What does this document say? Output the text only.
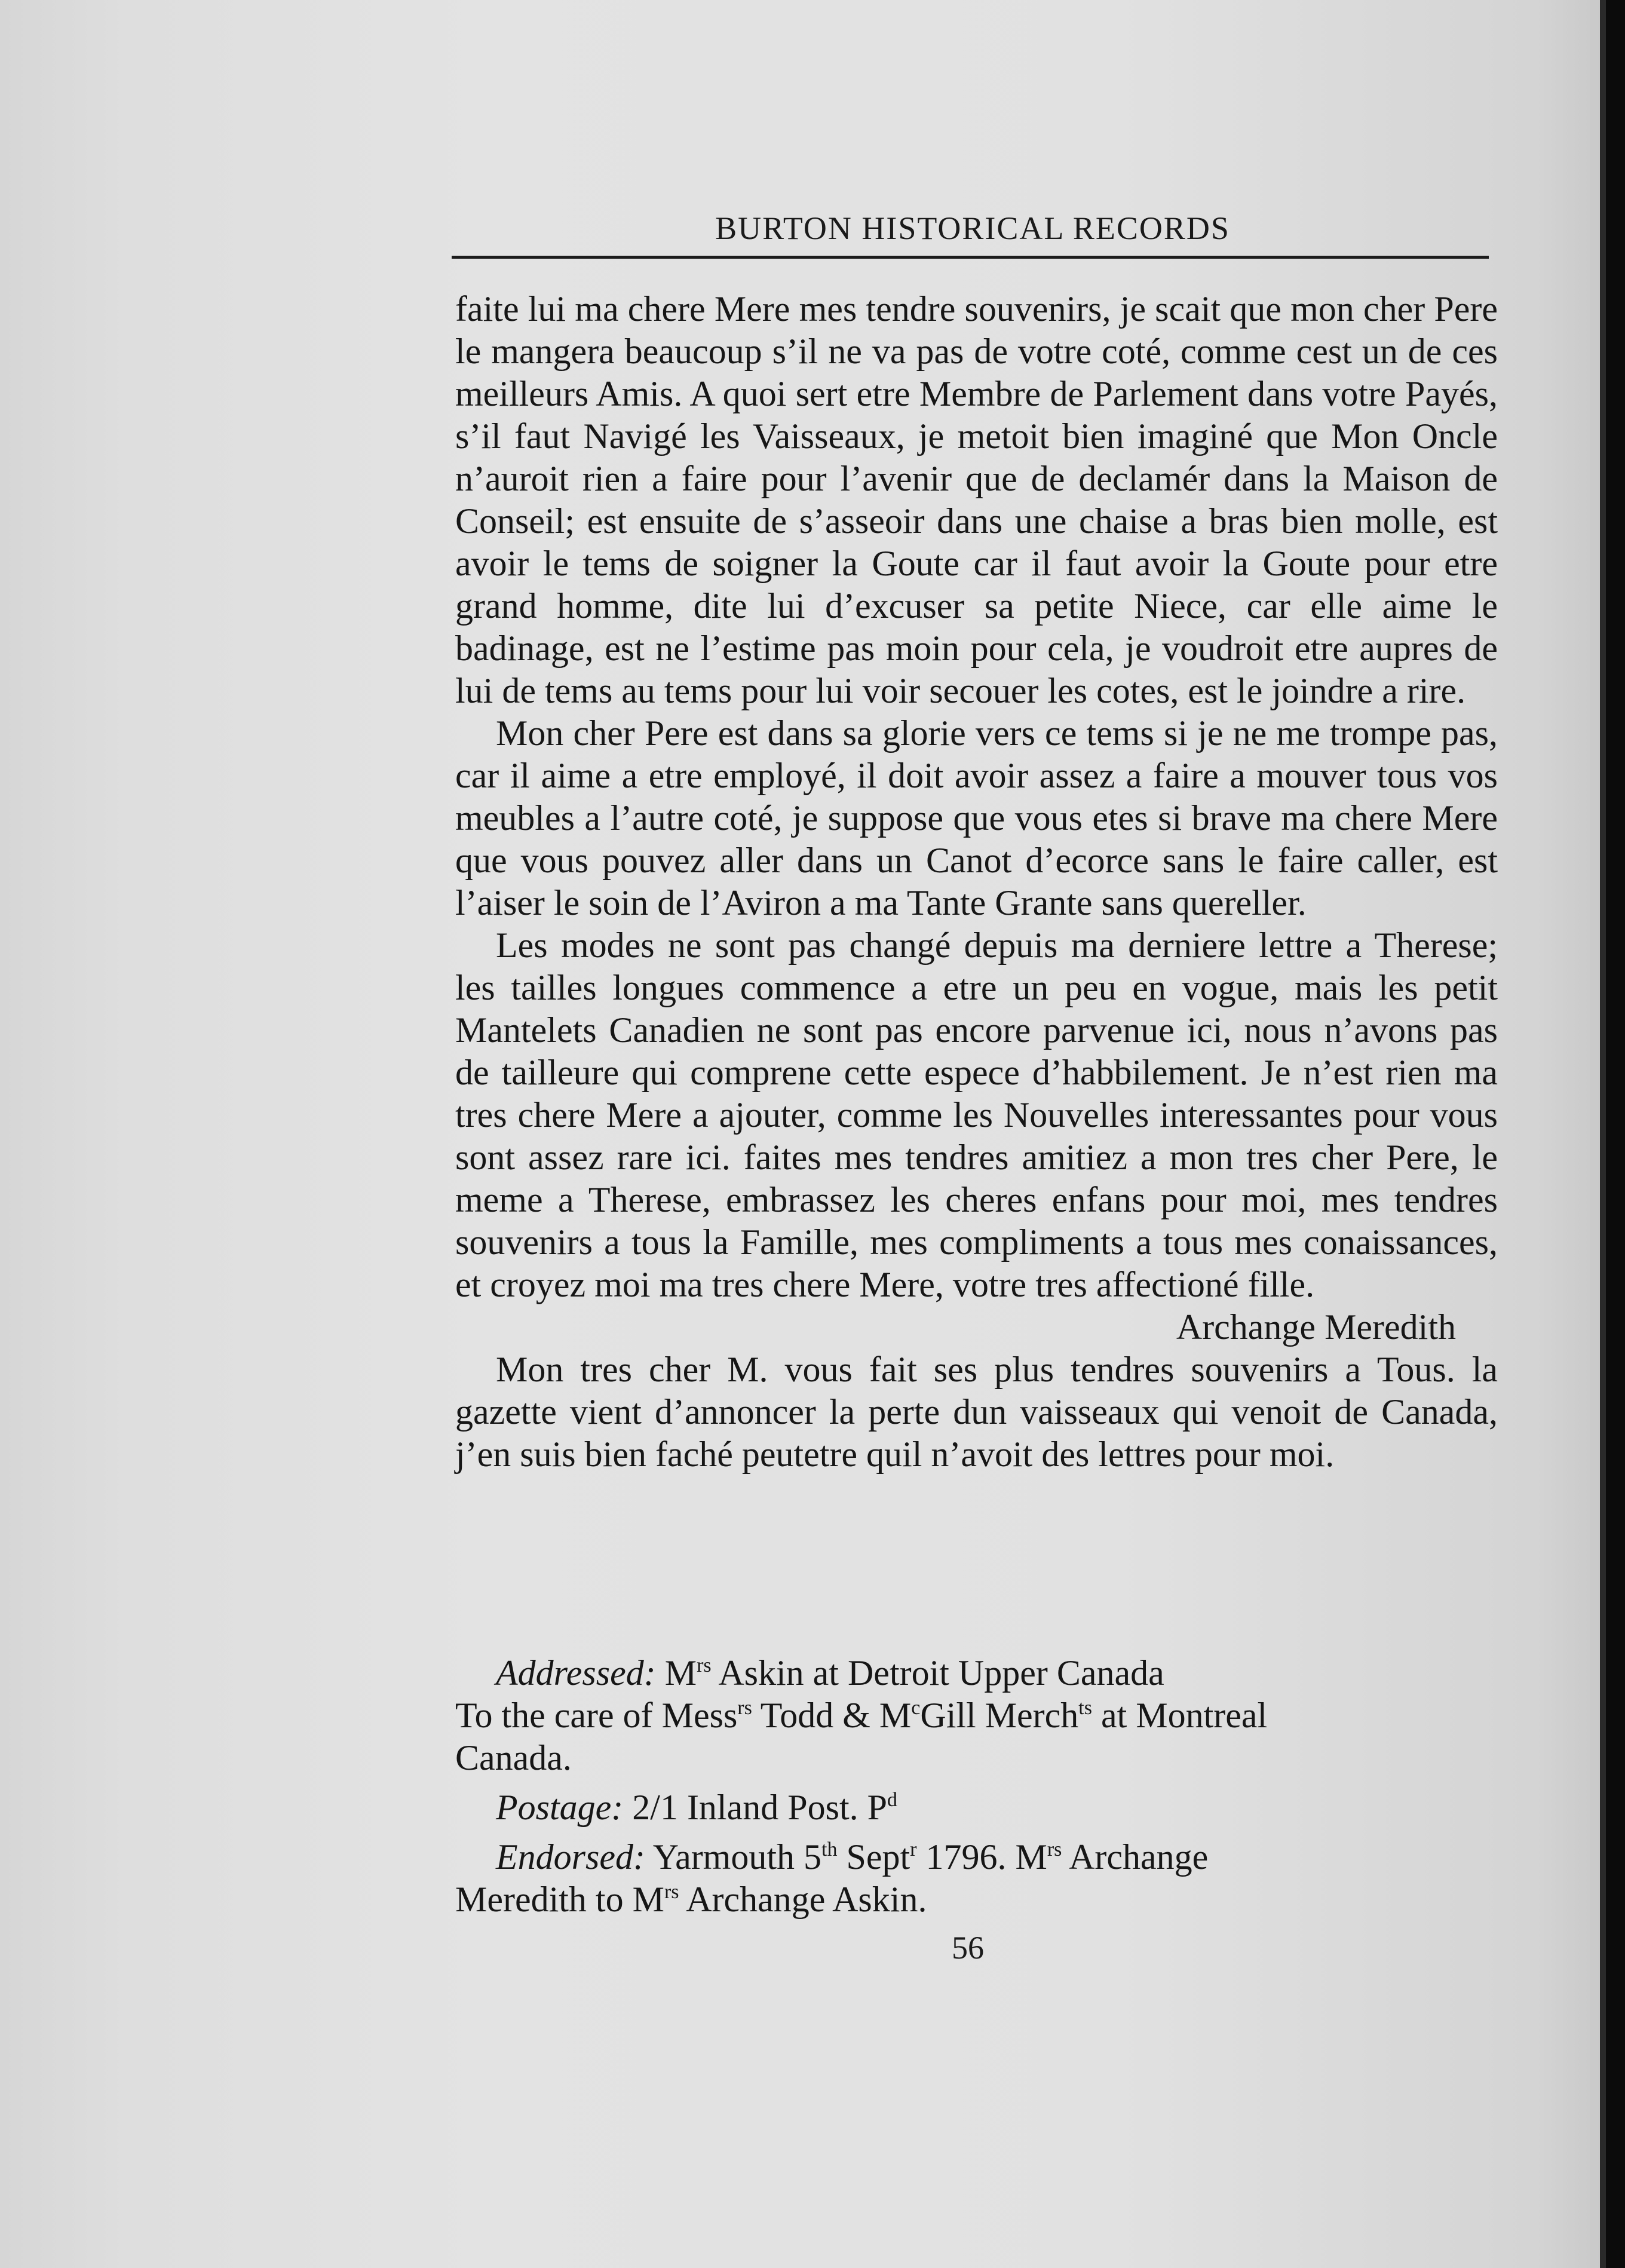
BURTON HISTORICAL RECORDS

faite lui ma chere Mere mes tendre souvenirs, je scait que mon cher Pere le mangera beaucoup s’il ne va pas de votre coté, comme cest un de ces meilleurs Amis. A quoi sert etre Membre de Parlement dans votre Payés, s’il faut Navigé les Vaisseaux, je metoit bien imaginé que Mon Oncle n’auroit rien a faire pour l’avenir que de declamér dans la Maison de Conseil; est ensuite de s’asseoir dans une chaise a bras bien molle, est avoir le tems de soigner la Goute car il faut avoir la Goute pour etre grand homme, dite lui d’excuser sa petite Niece, car elle aime le badinage, est ne l’estime pas moin pour cela, je voudroit etre aupres de lui de tems au tems pour lui voir secouer les cotes, est le joindre a rire.

Mon cher Pere est dans sa glorie vers ce tems si je ne me trompe pas, car il aime a etre employé, il doit avoir assez a faire a mouver tous vos meubles a l’autre coté, je suppose que vous etes si brave ma chere Mere que vous pouvez aller dans un Canot d’ecorce sans le faire caller, est l’aiser le soin de l’Aviron a ma Tante Grante sans quereller.

Les modes ne sont pas changé depuis ma derniere lettre a Therese; les tailles longues commence a etre un peu en vogue, mais les petit Mantelets Canadien ne sont pas encore parvenue ici, nous n’avons pas de tailleure qui comprene cette espece d’habbilement. Je n’est rien ma tres chere Mere a ajouter, comme les Nouvelles interessantes pour vous sont assez rare ici. faites mes tendres amitiez a mon tres cher Pere, le meme a Therese, embrassez les cheres enfans pour moi, mes tendres souvenirs a tous la Famille, mes compliments a tous mes conaissances, et croyez moi ma tres chere Mere, votre tres affectioné fille.

Archange Meredith

Mon tres cher M. vous fait ses plus tendres souvenirs a Tous. la gazette vient d’annoncer la perte dun vaisseaux qui venoit de Canada, j’en suis bien faché peutetre quil n’avoit des lettres pour moi.

Addressed: $M^{rs}$ Askin at Detroit Upper Canada

To the care of Mess$^{rs}$ Todd & $M^cGill$ Merch$^{ts}$ at Montreal

Canada.

Postage: 2/1 Inland Post. $P^d$

Endorsed: Yarmouth 5th Sept$^r$ 1796. $M^{rs}$ Archange

Meredith to $M^{rs}$ Archange Askin.

56
